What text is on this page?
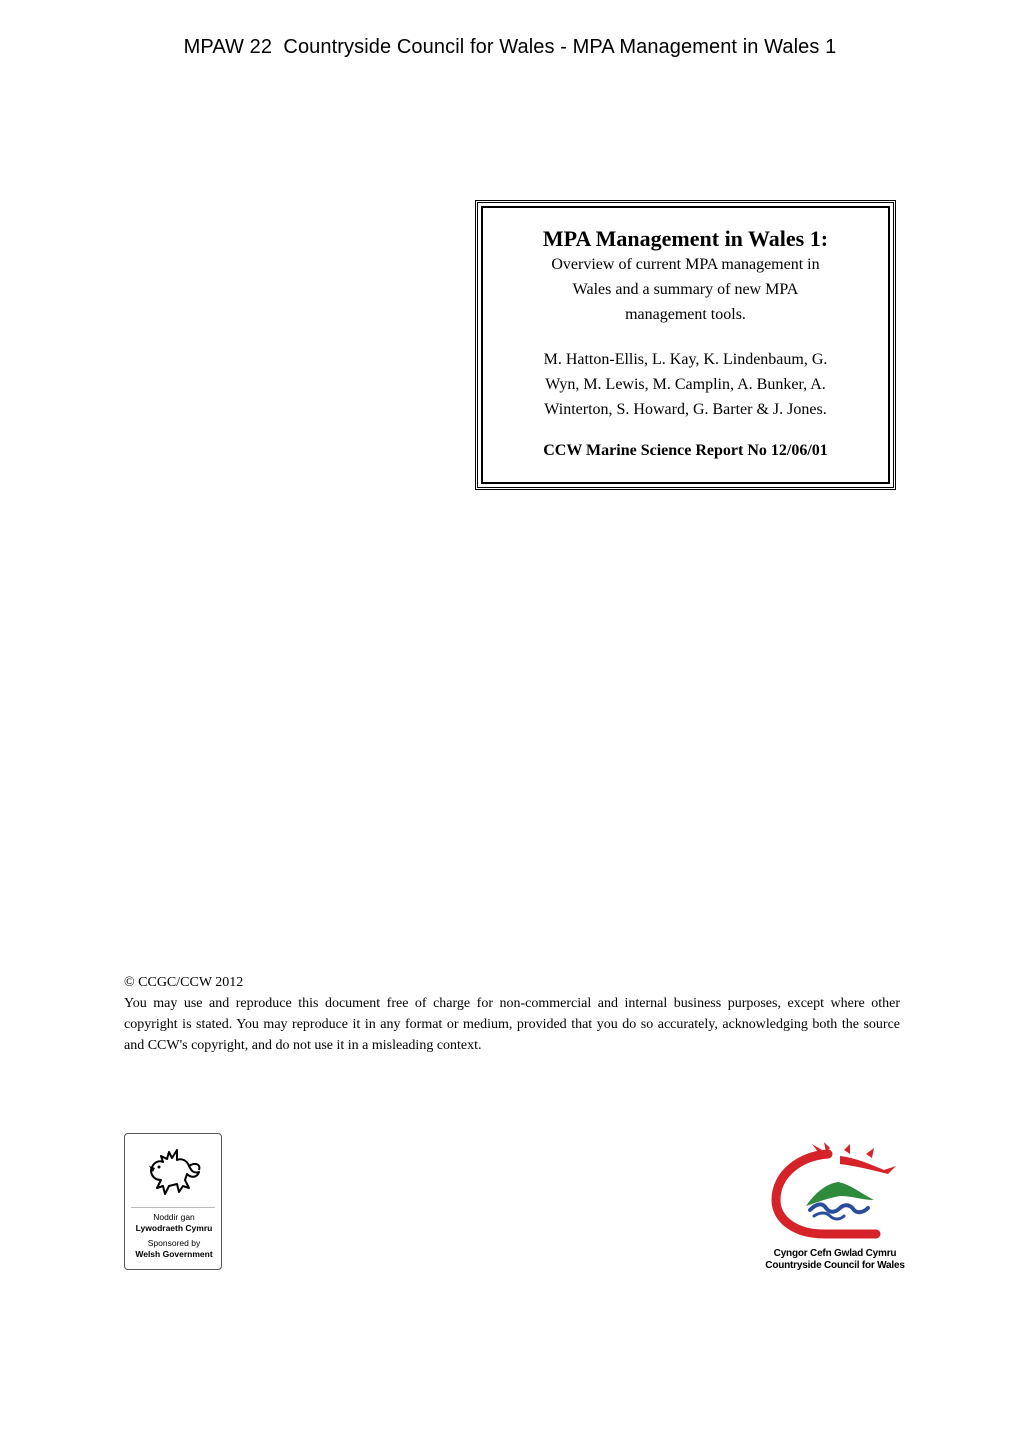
MPAW 22  Countryside Council for Wales - MPA Management in Wales 1

MPA Management in Wales 1:

Overview of current MPA management in
Wales and a summary of new MPA
management tools.

M. Hatton-Ellis, L. Kay, K. Lindenbaum, G.
Wyn, M. Lewis, M. Camplin, A. Bunker, A.
Winterton, S. Howard, G. Barter & J. Jones.

CCW Marine Science Report No 12/06/01

© CCGC/CCW 2012
You may use and reproduce this document free of charge for non-commercial and internal business purposes, except where other copyright is stated. You may reproduce it in any format or medium, provided that you do so accurately, acknowledging both the source and CCW's copyright, and do not use it in a misleading context.
Noddir gan
Lywodraeth Cymru
Sponsored by
Welsh Government	Cyngor Cefn Gwlad Cymru
Countryside Council for Wales
